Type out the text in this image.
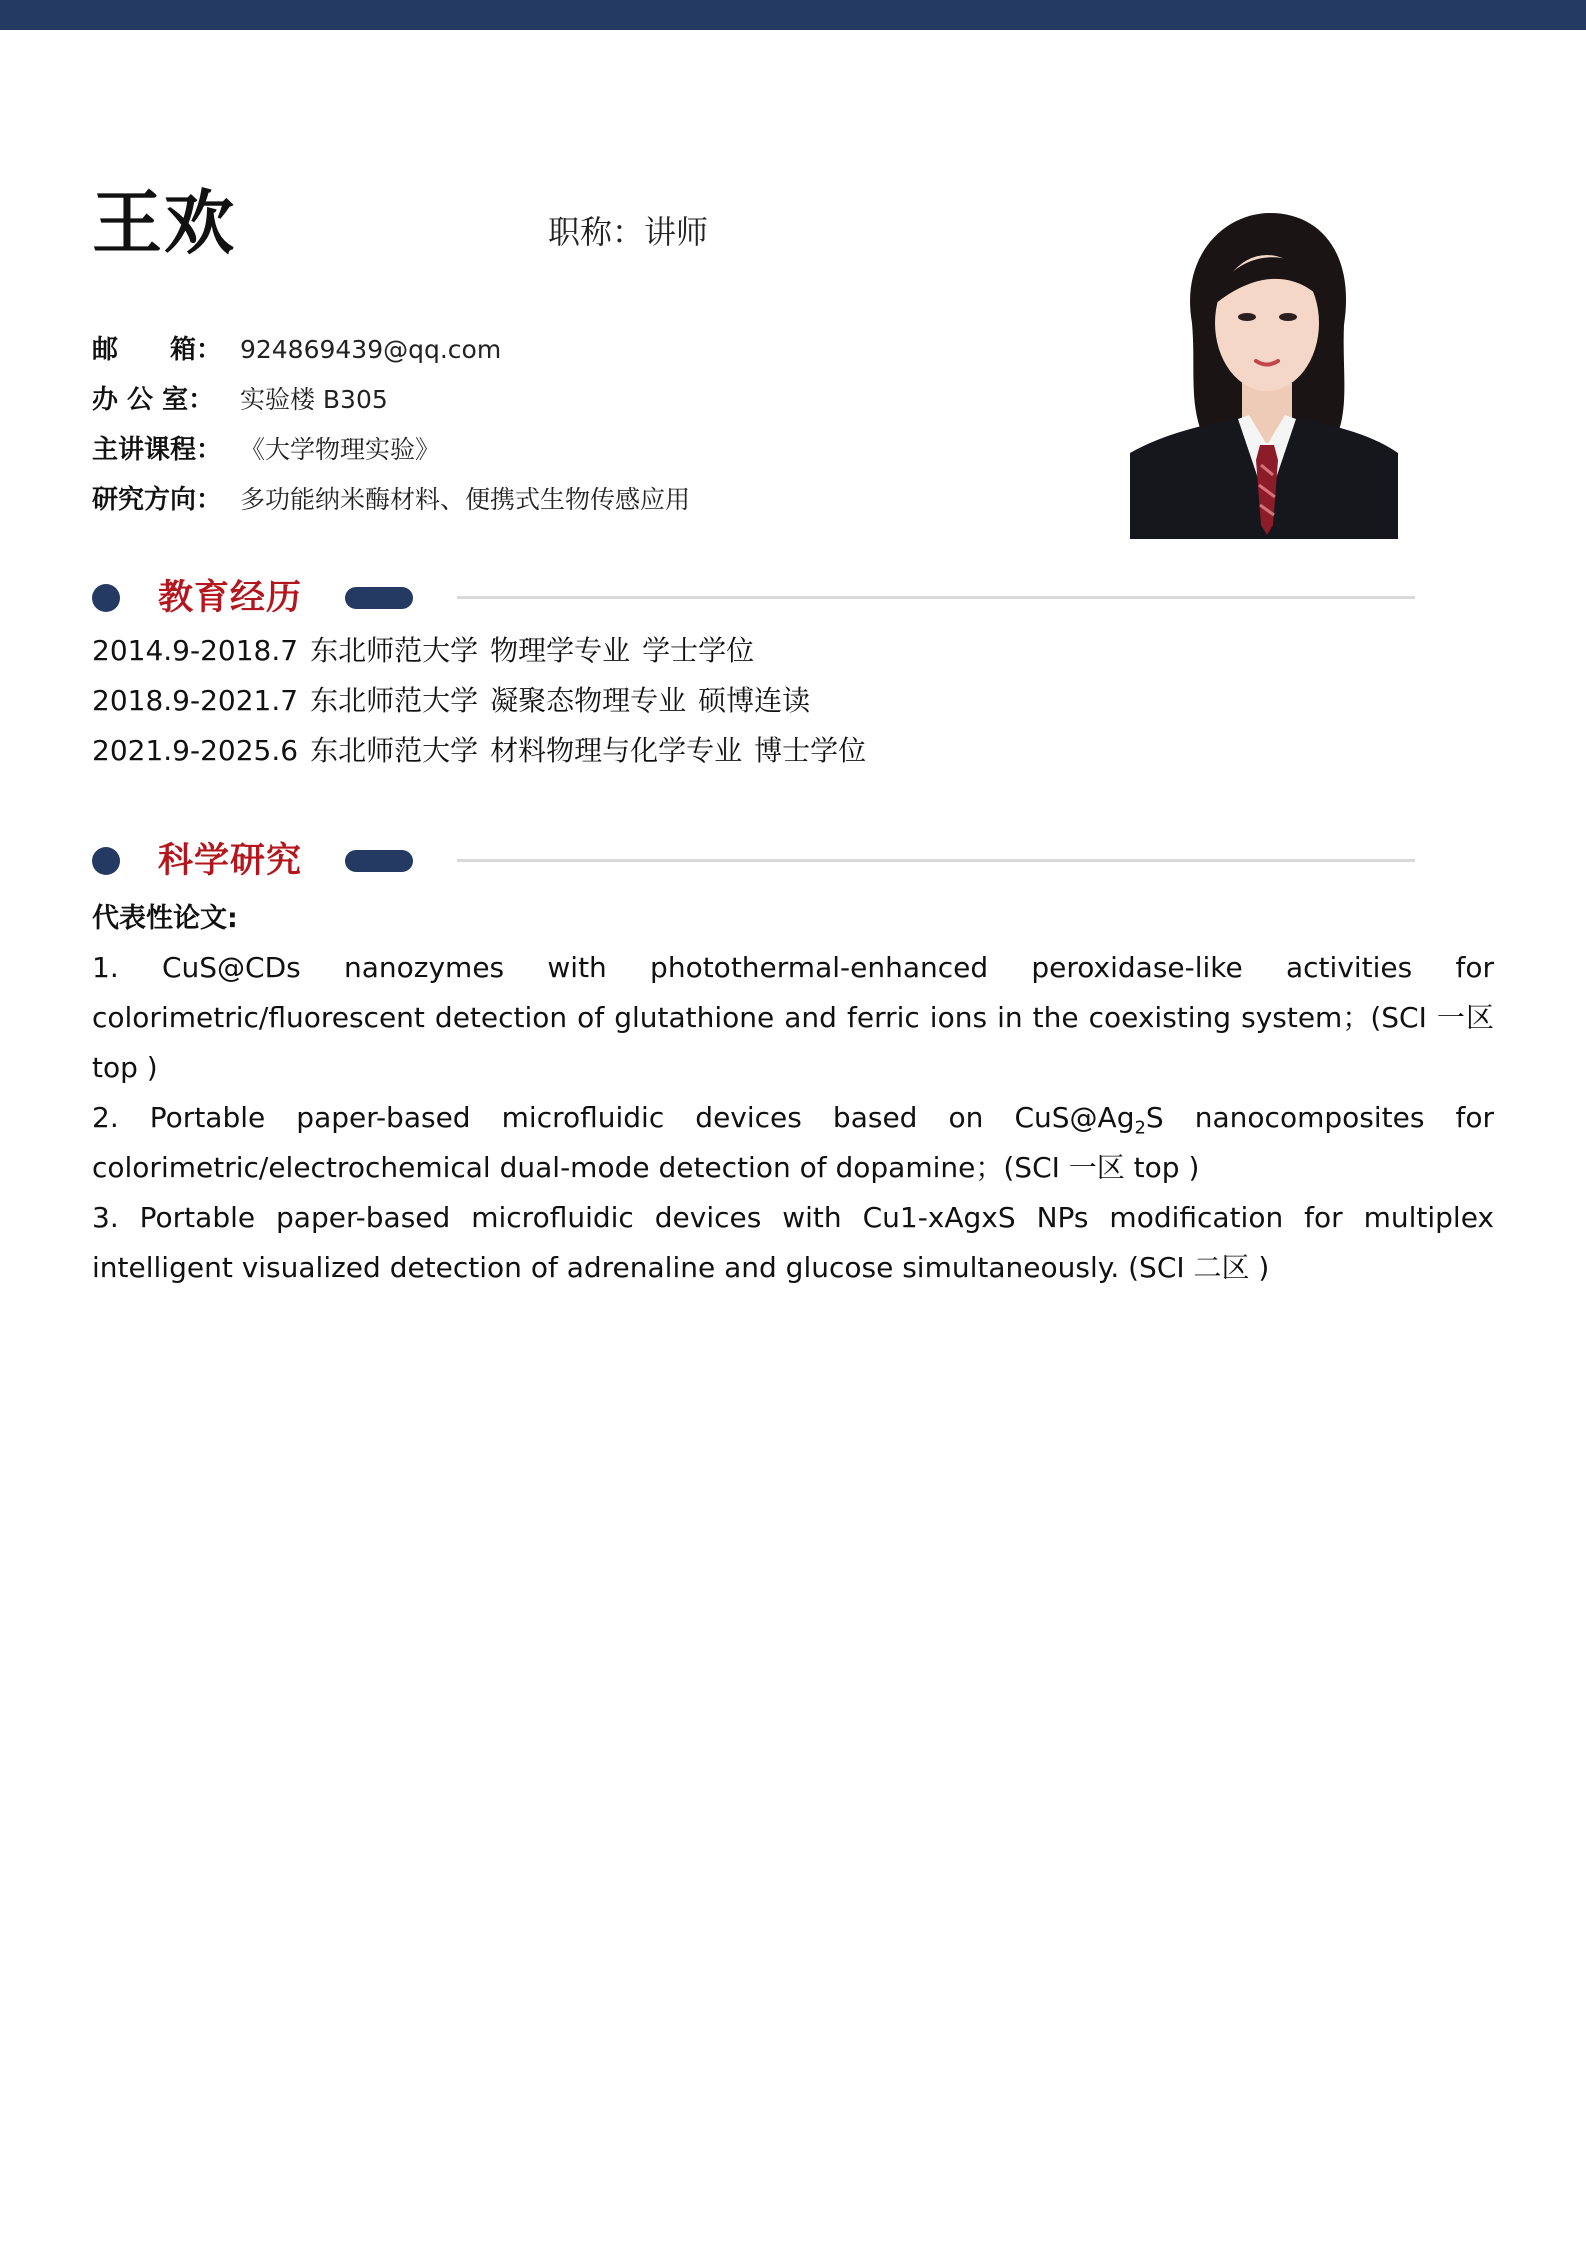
王欢	职称：讲师
邮　　箱： 924869439@qq.com
办 公 室： 实验楼 B305
主讲课程： 《大学物理实验》
研究方向： 多功能纳米酶材料、便携式生物传感应用
教育经历
2014.9-2018.7 东北师范大学 物理学专业 学士学位
2018.9-2021.7 东北师范大学 凝聚态物理专业 硕博连读
2021.9-2025.6 东北师范大学 材料物理与化学专业 博士学位
科学研究
代表性论文:
1. CuS@CDs nanozymes with photothermal-enhanced peroxidase-like activities for colorimetric/fluorescent detection of glutathione and ferric ions in the coexisting system；(SCI 一区 top )
2. Portable paper-based microfluidic devices based on $CuS@Ag_2S$ nanocomposites for colorimetric/electrochemical dual-mode detection of dopamine；(SCI 一区 top )
3. Portable paper-based microfluidic devices with Cu1-xAgxS NPs modification for multiplex intelligent visualized detection of adrenaline and glucose simultaneously. (SCI 二区 )
